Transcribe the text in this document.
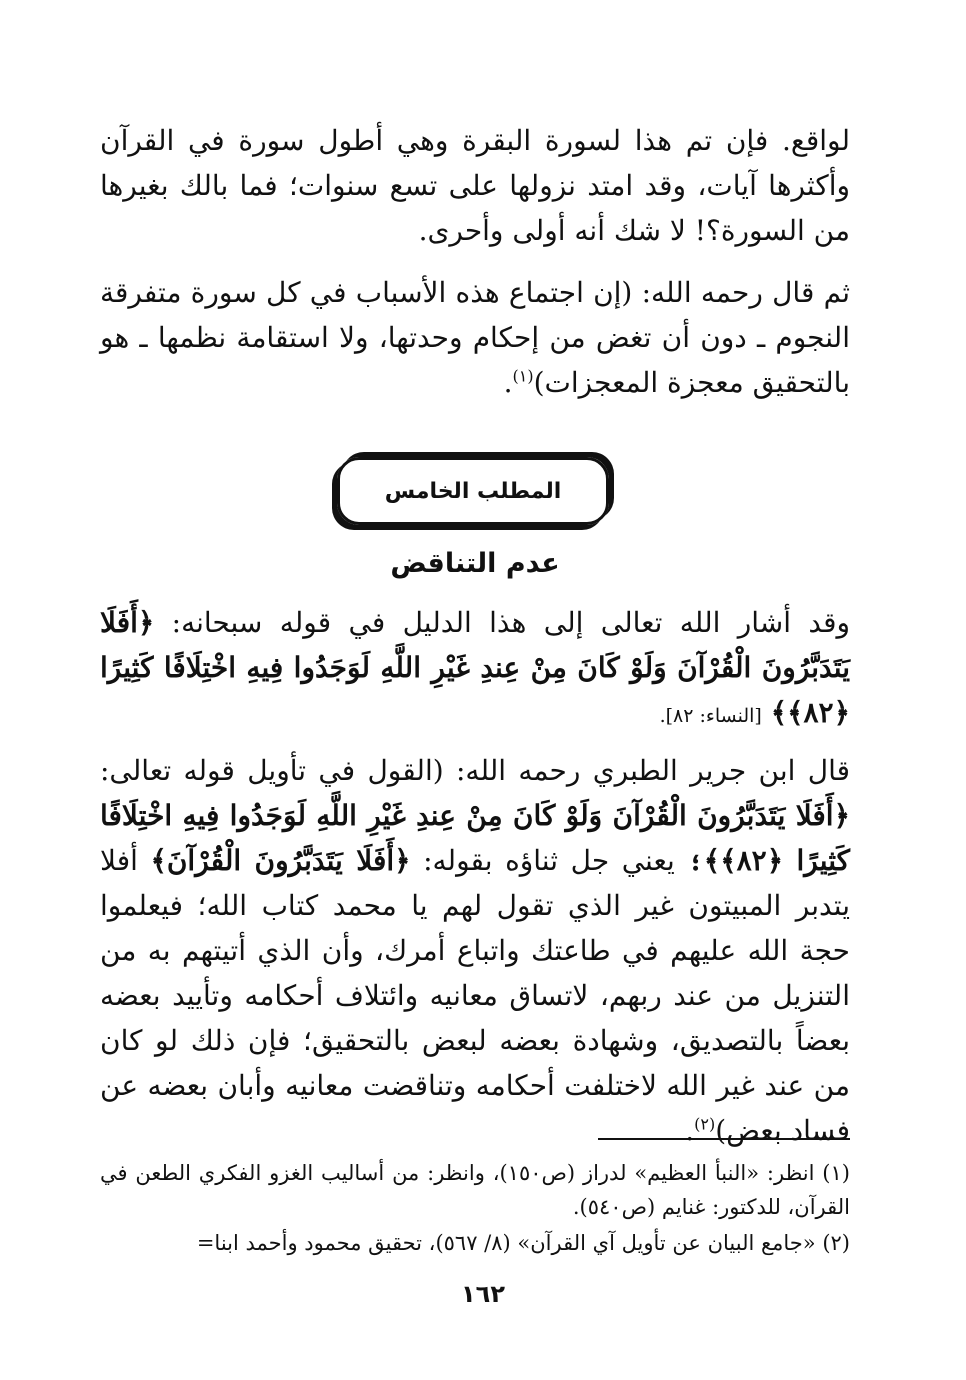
لواقع. فإن تم هذا لسورة البقرة وهي أطول سورة في القرآن وأكثرها آيات، وقد امتد نزولها على تسع سنوات؛ فما بالك بغيرها من السورة؟! لا شك أنه أولى وأحرى.

ثم قال رحمه الله: (إن اجتماع هذه الأسباب في كل سورة متفرقة النجوم ـ دون أن تغض من إحكام وحدتها، ولا استقامة نظمها ـ هو بالتحقيق معجزة المعجزات)$^{(١)}$.

المطلب الخامس
عدم التناقض

وقد أشار الله تعالى إلى هذا الدليل في قوله سبحانه: ﴿أَفَلَا يَتَدَبَّرُونَ الْقُرْآنَ وَلَوْ كَانَ مِنْ عِندِ غَيْرِ اللَّهِ لَوَجَدُوا فِيهِ اخْتِلَافًا كَثِيرًا ﴿٨٢﴾﴾ [النساء: ٨٢].

قال ابن جرير الطبري رحمه الله: (القول في تأويل قوله تعالى: ﴿أَفَلَا يَتَدَبَّرُونَ الْقُرْآنَ وَلَوْ كَانَ مِنْ عِندِ غَيْرِ اللَّهِ لَوَجَدُوا فِيهِ اخْتِلَافًا كَثِيرًا ﴿٨٢﴾﴾؛ يعني جل ثناؤه بقوله: ﴿أَفَلَا يَتَدَبَّرُونَ الْقُرْآنَ﴾ أفلا يتدبر المبيتون غير الذي تقول لهم يا محمد كتاب الله؛ فيعلموا حجة الله عليهم في طاعتك واتباع أمرك، وأن الذي أتيتهم به من التنزيل من عند ربهم، لاتساق معانيه وائتلاف أحكامه وتأييد بعضه بعضاً بالتصديق، وشهادة بعضه لبعض بالتحقيق؛ فإن ذلك لو كان من عند غير الله لاختلفت أحكامه وتناقضت معانيه وأبان بعضه عن فساد بعض)$^{(٢)}$.

(١) انظر: «النبأ العظيم» لدراز (ص١٥٠)، وانظر: من أساليب الغزو الفكري الطعن في القرآن، للدكتور: غنايم (ص٥٤٠).
(٢) «جامع البيان عن تأويل آي القرآن» (٨/ ٥٦٧)، تحقيق محمود وأحمد ابنا=
١٦٢
